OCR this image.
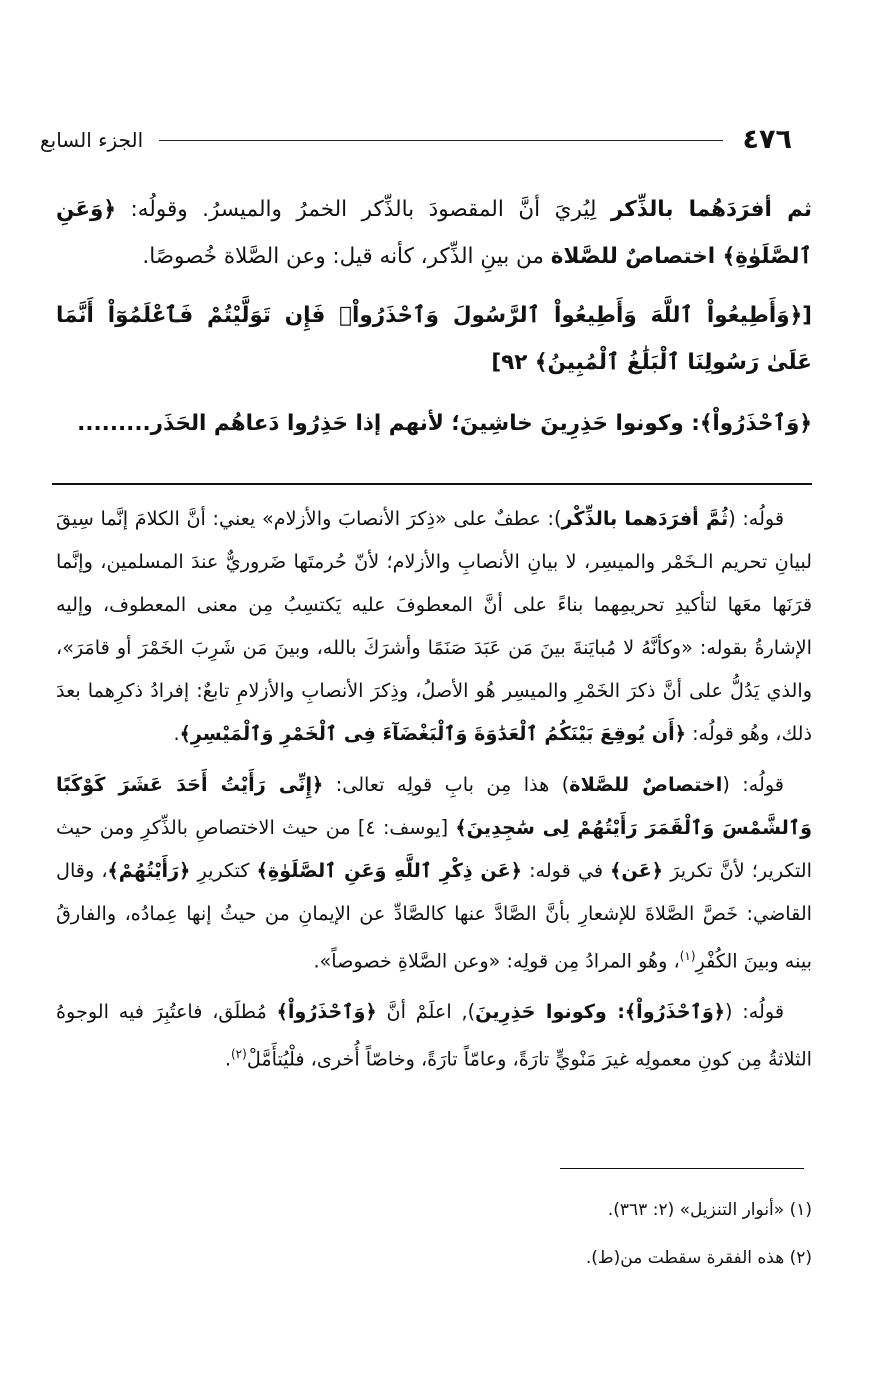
٤٧٦
الجزء السابع

ثم أفرَدَهُما بالذِّكر لِيُريَ أنَّ المقصودَ بالذِّكر الخمرُ والميسرُ. وقولُه: ﴿وَعَنِ ٱلصَّلَوٰةِ﴾ اختصاصٌ للصَّلاة من بينِ الذِّكر، كأنه قيل: وعن الصَّلاة خُصوصًا.

[﴿وَأَطِيعُواْ ٱللَّهَ وَأَطِيعُواْ ٱلرَّسُولَ وَٱحْذَرُواْۚ فَإِن تَوَلَّيْتُمْ فَٱعْلَمُوٓاْ أَنَّمَا عَلَىٰ رَسُولِنَا ٱلْبَلَٰغُ ٱلْمُبِينُ﴾ ٩٢]

﴿وَٱحْذَرُواْ﴾: وكونوا حَذِرِينَ خاشِينَ؛ لأنهم إذا حَذِرُوا دَعاهُم الحَذَر.........

قولُه: (ثُمَّ أفرَدَهما بالذِّكْر): عطفٌ على «ذِكرَ الأنصابَ والأزلام» يعني: أنَّ الكلامَ إنَّما سِيقَ لبيانِ تحريم الـخَمْر والميسِر، لا بيانِ الأنصابِ والأزلام؛ لأنّ حُرمتَها ضَروريٌّ عندَ المسلمين، وإنَّما قرَنَها معَها لتأكيدِ تحريمِهما بناءً على أنَّ المعطوفَ عليه يَكتسِبُ مِن معنى المعطوف، وإليه الإشارةُ بقوله: «وكأنَّهُ لا مُبايَنةَ بينَ مَن عَبَدَ صَنَمًا وأشرَكَ بالله، وبينَ مَن شَرِبَ الخَمْرَ أو قامَرَ»، والذي يَدُلُّ على أنَّ ذكرَ الخَمْرِ والميسِر هُو الأصلُ، وذِكرَ الأنصابِ والأزلامِ تابعٌ: إفرادُ ذكرِهما بعدَ ذلك، وهُو قولُه: ﴿أَن يُوقِعَ بَيْنَكُمُ ٱلْعَدَٰوَةَ وَٱلْبَغْضَآءَ فِى ٱلْخَمْرِ وَٱلْمَيْسِرِ﴾.

قولُه: (اختصاصٌ للصَّلاة) هذا مِن بابِ قولِه تعالى: ﴿إِنِّى رَأَيْتُ أَحَدَ عَشَرَ كَوْكَبًا وَٱلشَّمْسَ وَٱلْقَمَرَ رَأَيْتُهُمْ لِى سَٰجِدِينَ﴾ [يوسف: ٤] من حيث الاختصاصِ بالذِّكرِ ومن حيث التكرير؛ لأنَّ تكريرَ ﴿عَن﴾ في قوله: ﴿عَن ذِكْرِ ٱللَّهِ وَعَنِ ٱلصَّلَوٰةِ﴾ كتكريرِ ﴿رَأَيْتُهُمْ﴾، وقال القاضي: خَصَّ الصَّلاةَ للإشعارِ بأنَّ الصَّادَّ عنها كالصَّادِّ عن الإيمانِ من حيثُ إنها عِمادُه، والفارقُ بينه وبينَ الكُفْرِ$^{(١)}$، وهُو المرادُ مِن قولِه: «وعن الصَّلاةِ خصوصاً».

قولُه: (﴿وَٱحْذَرُواْ﴾: وكونوا حَذِرِينَ), اعلَمْ أنَّ ﴿وَٱحْذَرُواْ﴾ مُطلَق، فاعتُبِرَ فيه الوجوهُ الثلاثةُ مِن كونِ معمولِه غيرَ مَنْويٍّ تارَةً، وعامّاً تارَةً، وخاصّاً أُخرى، فلْيُتأَمَّلْ$^{(٢)}$.

(١) «أنوار التنزيل» (٢: ٣٦٣).
(٢) هذه الفقرة سقطت من(ط).
